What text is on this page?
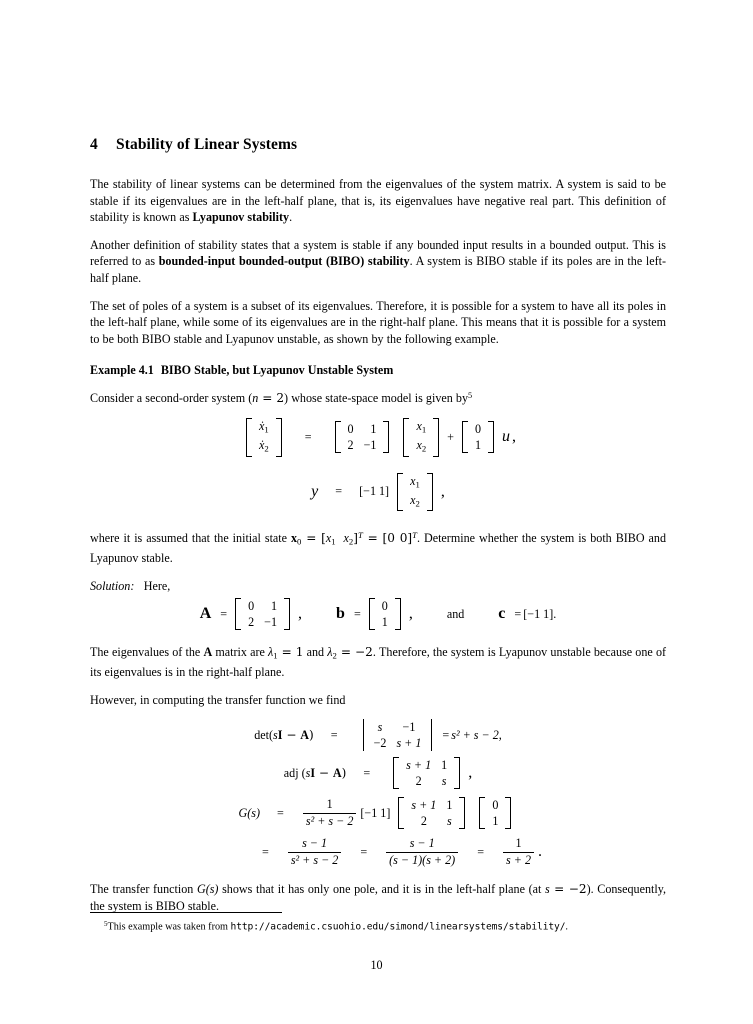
4 Stability of Linear Systems

The stability of linear systems can be determined from the eigenvalues of the system matrix. A system is said to be stable if its eigenvalues are in the left-half plane, that is, its eigenvalues have negative real part. This definition of stability is known as Lyapunov stability.

Another definition of stability states that a system is stable if any bounded input results in a bounded output. This is referred to as bounded-input bounded-output (BIBO) stability. A system is BIBO stable if its poles are in the left-half plane.

The set of poles of a system is a subset of its eigenvalues. Therefore, it is possible for a system to have all its poles in the left-half plane, while some of its eigenvalues are in the right-half plane. This means that it is possible for a system to be both BIBO stable and Lyapunov unstable, as shown by the following example.

Example 4.1 BIBO Stable, but Lyapunov Unstable System

Consider a second-order system (n = 2) whose state-space model is given by$^5$

ẋ$_1$
ẋ$_2$
=
0	1
2	−1
$x_1$
$x_2$
+
0
1 u ,
y = [−1 1]
$x_1$
$x_2$
,

where it is assumed that the initial state $x_0 = [x_1$ $x_2]^T = [0$ 0]$^T$. Determine whether the system is both BIBO and Lyapunov stable.

Solution: Here,

A =
0	1
2	−1 , b =
0
1 ,	and c = [−1 1].

The eigenvalues of the A matrix are $\lambda_1 = 1$ and $\lambda_2 = -2$. Therefore, the system is Lyapunov unstable because one of its eigenvalues is in the right-half plane.

However, in computing the transfer function we find

det(sI − A) =
s	−1
−2	s + 1
= s² + s − 2,
adj (sI − A) =
s + 1	1
2	s ,
$G(s) = \frac{1}{\text{s² + s − 2}} [-1$ 1]
s + 1	1
2	s
0
1
= $\frac{s - 1}{\text{s² + s − 2}} = \frac{s - 1}{(s - 1)(s + 2)} = \frac{1}{s + 2}$ .

The transfer function G(s) shows that it has only one pole, and it is in the left-half plane (at s = −2). Consequently, the system is BIBO stable.

$^5$This example was taken from http://academic.csuohio.edu/simond/linearsystems/stability/.
10
